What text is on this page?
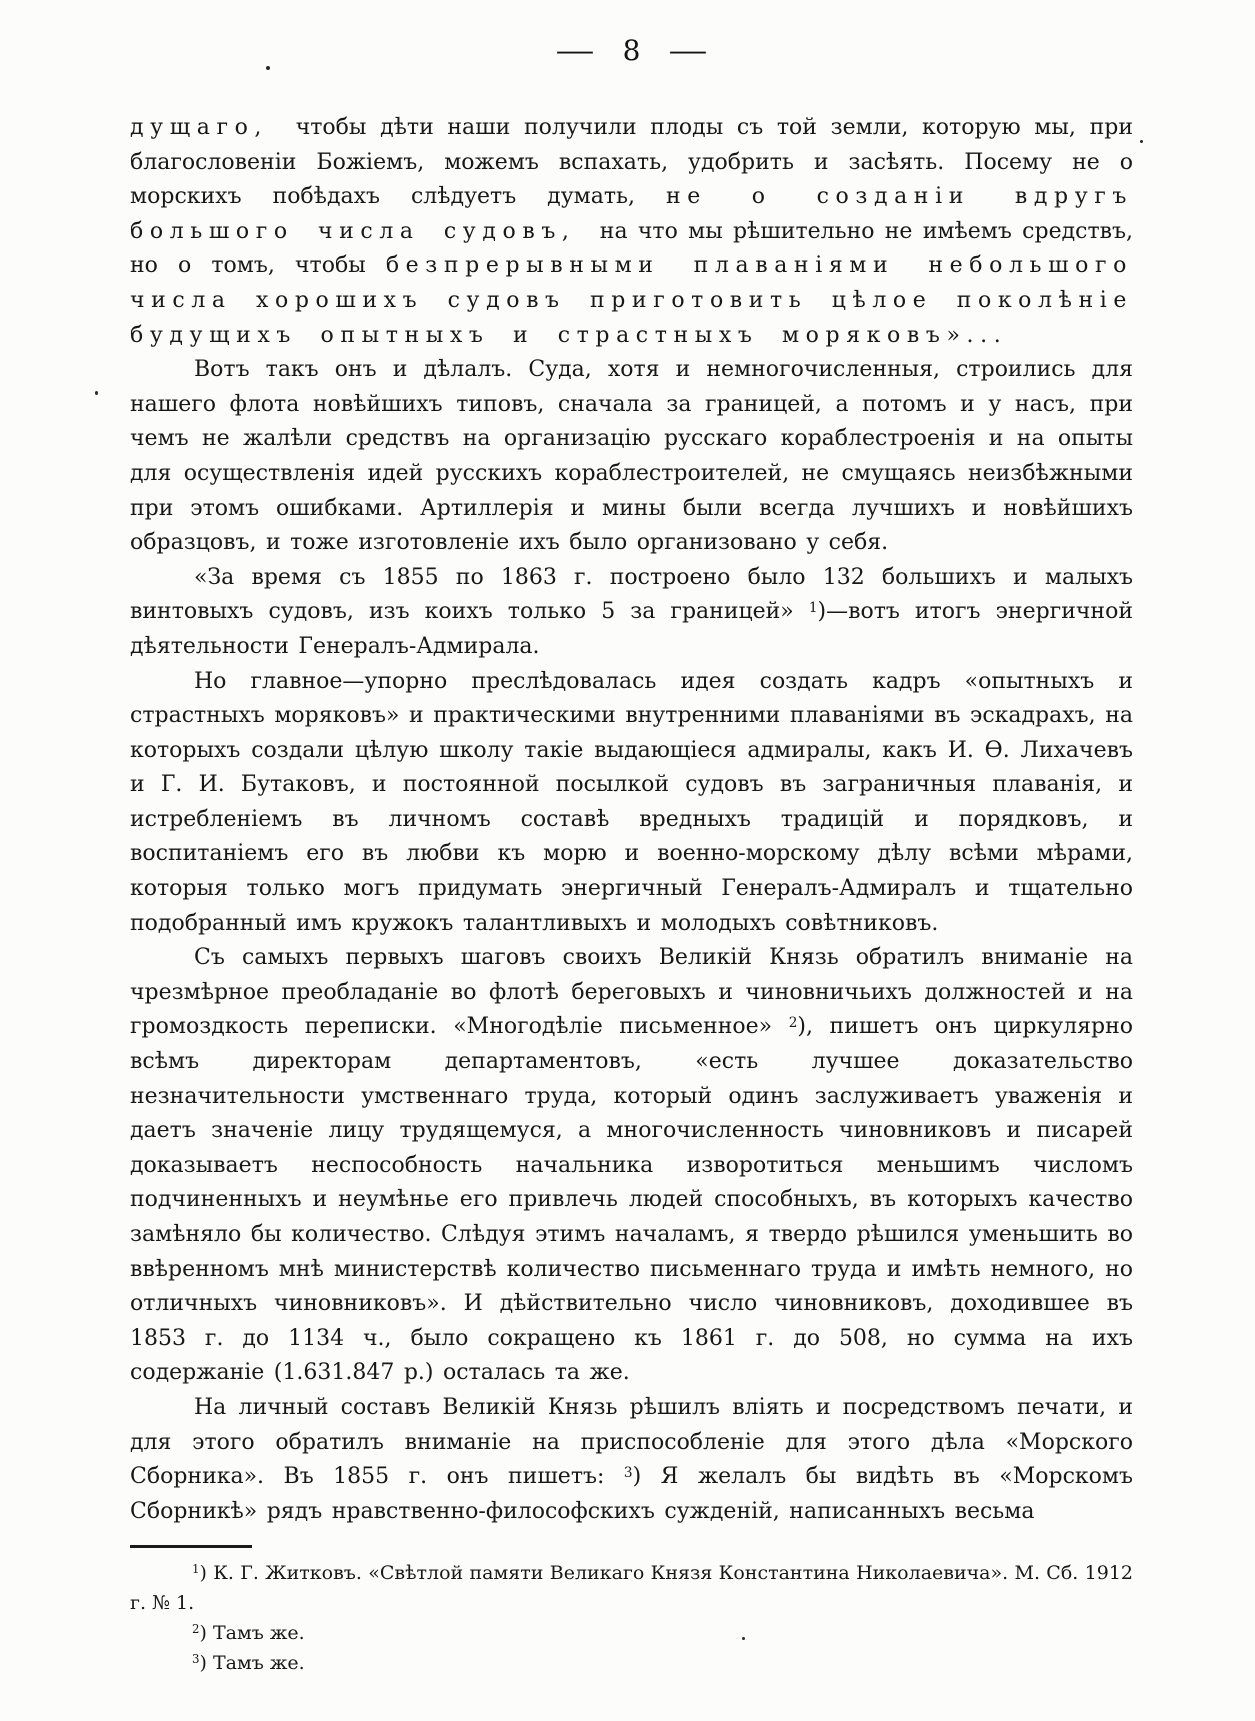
— 8 —

дущаго, чтобы дѣти наши получили плоды съ той земли, которую мы, при благословеніи Божіемъ, можемъ вспахать, удобрить и засѣять. Посему не о морскихъ побѣдахъ слѣдуетъ думать, не о созданіи вдругъ большого числа судовъ, на что мы рѣшительно не имѣемъ средствъ, но о томъ, чтобы безпрерывными плаваніями небольшого числа хорошихъ судовъ приготовить цѣлое поколѣніе будущихъ опытныхъ и страстныхъ моряковъ»...

Вотъ такъ онъ и дѣлалъ. Суда, хотя и немногочисленныя, строились для нашего флота новѣйшихъ типовъ, сначала за границей, а потомъ и у насъ, при чемъ не жалѣли средствъ на организацію русскаго кораблестроенія и на опыты для осуществленія идей русскихъ кораблестроителей, не смущаясь неизбѣжными при этомъ ошибками. Артиллерія и мины были всегда лучшихъ и новѣйшихъ образцовъ, и тоже изготовленіе ихъ было организовано у себя.

«За время съ 1855 по 1863 г. построено было 132 большихъ и малыхъ винтовыхъ судовъ, изъ коихъ только 5 за границей» $^1$)—вотъ итогъ энергичной дѣятельности Генералъ-Адмирала.

Но главное—упорно преслѣдовалась идея создать кадръ «опытныхъ и страстныхъ моряковъ» и практическими внутренними плаваніями въ эскадрахъ, на которыхъ создали цѣлую школу такіе выдающіеся адмиралы, какъ И. Ѳ. Лихачевъ и Г. И. Бутаковъ, и постоянной посылкой судовъ въ заграничныя плаванія, и истребленіемъ въ личномъ составѣ вредныхъ традицій и порядковъ, и воспитаніемъ его въ любви къ морю и военно-морскому дѣлу всѣми мѣрами, которыя только могъ придумать энергичный Генералъ-Адмиралъ и тщательно подобранный имъ кружокъ талантливыхъ и молодыхъ совѣтниковъ.

Съ самыхъ первыхъ шаговъ своихъ Великій Князь обратилъ вниманіе на чрезмѣрное преобладаніе во флотѣ береговыхъ и чиновничьихъ должностей и на громоздкость переписки. «Многодѣліе письменное» $^2$), пишетъ онъ циркулярно всѣмъ директорам департаментовъ, «есть лучшее доказательство незначительности умственнаго труда, который одинъ заслуживаетъ уваженія и даетъ значеніе лицу трудящемуся, а многочисленность чиновниковъ и писарей доказываетъ неспособность начальника изворотиться меньшимъ числомъ подчиненныхъ и неумѣнье его привлечь людей способныхъ, въ которыхъ качество замѣняло бы количество. Слѣдуя этимъ началамъ, я твердо рѣшился уменьшить во ввѣренномъ мнѣ министерствѣ количество письменнаго труда и имѣть немного, но отличныхъ чиновниковъ». И дѣйствительно число чиновниковъ, доходившее въ 1853 г. до 1134 ч., было сокращено къ 1861 г. до 508, но сумма на ихъ содержаніе (1.631.847 р.) осталась та же.

На личный составъ Великій Князь рѣшилъ вліять и посредствомъ печати, и для этого обратилъ вниманіе на приспособленіе для этого дѣла «Морского Сборника». Въ 1855 г. онъ пишетъ: $^3$) Я желалъ бы видѣть въ «Морскомъ Сборникѣ» рядъ нравственно-философскихъ сужденій, написанныхъ весьма

$^1$) К. Г. Житковъ. «Свѣтлой памяти Великаго Князя Константина Николаевича». М. Сб. 1912 г. № 1.

$^2$) Тамъ же.

$^3$) Тамъ же.
